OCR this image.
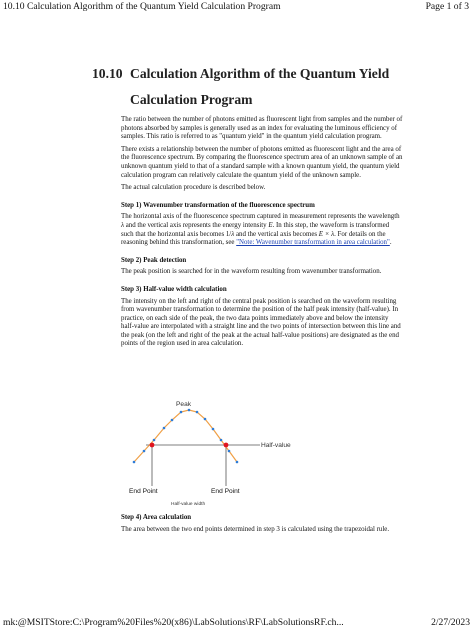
10.10 Calculation Algorithm of the Quantum Yield Calculation Program	Page 1 of 3
10.10 Calculation Algorithm of the Quantum Yield
Calculation Program

The ratio between the number of photons emitted as fluorescent light from samples and the number of photons absorbed by samples is generally used as an index for evaluating the luminous efficiency of samples. This ratio is referred to as "quantum yield" in the quantum yield calculation program.

There exists a relationship between the number of photons emitted as fluorescent light and the area of the fluorescence spectrum. By comparing the fluorescence spectrum area of an unknown sample of an unknown quantum yield to that of a standard sample with a known quantum yield, the quantum yield calculation program can relatively calculate the quantum yield of the unknown sample.

The actual calculation procedure is described below.

Step 1) Wavenumber transformation of the fluorescence spectrum

The horizontal axis of the fluorescence spectrum captured in measurement represents the wavelength λ and the vertical axis represents the energy intensity E. In this step, the waveform is transformed such that the horizontal axis becomes 1/λ and the vertical axis becomes E × λ. For details on the reasoning behind this transformation, see "Note: Wavenumber transformation in area calculation".

Step 2) Peak detection

The peak position is searched for in the waveform resulting from wavenumber transformation.

Step 3) Half-value width calculation

The intensity on the left and right of the central peak position is searched on the waveform resulting from wavenumber transformation to determine the position of the half peak intensity (half-value). In practice, on each side of the peak, the two data points immediately above and below the intensity half-value are interpolated with a straight line and the two points of intersection between this line and the peak (on the left and right of the peak at the actual half-value positions) are designated as the end points of the region used in area calculation.

Peak
Half-value
End Point	End Point
Half-value width

Step 4) Area calculation

The area between the two end points determined in step 3 is calculated using the trapezoidal rule.

mk:@MSITStore:C:\Program%20Files%20(x86)\LabSolutions\RF\LabSolutionsRF.ch...	2/27/2023
